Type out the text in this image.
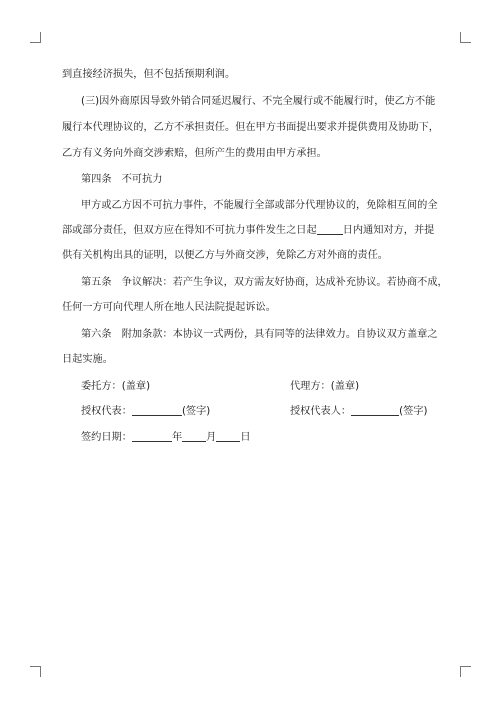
到直接经济损失，但不包括预期利润。
(三)因外商原因导致外销合同延迟履行、不完全履行或不能履行时，使乙方不能
履行本代理协议的，乙方不承担责任。但在甲方书面提出要求并提供费用及协助下，
乙方有义务向外商交涉索赔，但所产生的费用由甲方承担。
第四条　不可抗力
甲方或乙方因不可抗力事件，不能履行全部或部分代理协议的，免除相互间的全
部或部分责任，但双方应在得知不可抗力事件发生之日起	日内通知对方，并提
供有关机构出具的证明，以便乙方与外商交涉，免除乙方对外商的责任。
第五条　争议解决：若产生争议，双方需友好协商，达成补充协议。若协商不成，
任何一方可向代理人所在地人民法院提起诉讼。
第六条　附加条款：本协议一式两份，具有同等的法律效力。自协议双方盖章之
日起实施。
委托方：(盖章)	代理方：(盖章)
授权代表：	(签字)	授权代表人：	(签字)
签约日期：	年 月 日
